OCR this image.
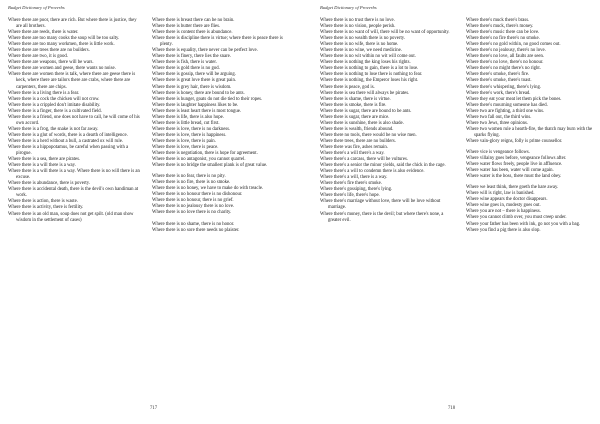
Budget Dictionary of Proverbs

Where there are poor, there are rich. But where there is justice, they are all brothers.

Where there are reeds, there is water.

Where there are too many cooks the soup will be too salty.

Where there are too many workmen, there is little work.

Where there are trees there are no builders.

Where there are two, it is good.

Where there are weapons, there will be wars.

Where there are women and geese, there wants no noise.

Where there are women there is talk, where there are geese there is keck, where there are tailors there are crabs, where there are carpenters, there are chips.

Where there is a living there is a fear.

Where there is a cock the chicken will not crow.

Where there is a crippled don't imitate disability.

Where there is a finger, there is a cultivated field.

Where there is a friend, one does not have to call, he will come of his own accord.

Where there is a frog, the snake is not far away.

Where there is a glut of words, there is a dearth of intelligence.

Where there is a herd without a bull, a castrated ox will rule.

Where there is a hippopotamus, be careful when passing with a pirogue.

Where there is a sea, there are pirates.

Where there is a will there is a way.

Where there is a will there is a way. Where there is no will there is an excuse.

Where there is abundance, there is poverty.

Where there is accidental death, there is the devil's own handiman at work.

Where there is action, there is waste.

Where there is activity, there is fertility.

Where there is an old man, soup does not get spilt. (old man show wisdom in the settlement of cases)

Where there is breast there can be no brain.

Where there is butter there are flies.

Where there is content there is abundance.

Where there is discipline there is virtue; where there is peace there is plenty.

Where there is equality, there never can be perfect love.

Where there is finery, there lies the snare.

Where there is fish, there is water.

Where there is gold there is no god.

Where there is gossip, there will be arguing.

Where there is great love there is great pain.

Where there is grey hair, there is wisdom.

Where there is honey, there are bound to be ants.

Where there is hunger, goats do not die tied to their ropes.

Where there is laughter happiness likes to be.

Where there is least heart there is most tongue.

Where there is life, there is also hope.

Where there is little bread, cut first.

Where there is love, there is no darkness.

Where there is love, there is happiness.

Where there is love, there is pain.

Where there is love, there is peace.

Where there is negotiation, there is hope for agreement.

Where there is no antagonist, you cannot quarrel.

Where there is no bridge the smallest plank is of great value.

Where there is no fear, there is no pity.

Where there is no fire, there is no smoke.

Where there is no honey, we have to make do with treacle.

Where there is no honour there is no dishonour.

Where there is no honour, there is no grief.

Where there is no jealousy there is no love.

Where there is no love there is no charity.

Where there is no shame, there is no honor.

Where there is no sore there needs no plaister.

717
Budget Dictionary of Proverbs

Where there is no trust there is no love.

Where there is no vision, people perish.

Where there is no want of will, there will be no want of opportunity.

Where there is no wealth there is no poverty.

Where there is no wife, there is no home.

Where there is no wine, we need medicine.

Where there is no wit within no wit will come out.

Where there is nothing the king loses his rights.

Where there is nothing to gain, there is a lot to lose.

Where there is nothing to lose there is nothing to fear.

Where there is nothing, the Emperor loses his right.

Where there is peace, god is.

Where there is sea there will always be pirates.

Where there is shame, there is virtue.

Where there is smoke, there is fire.

Where there is sugar, there are bound to be ants.

Where there is sugar, there are mice.

Where there is sunshine, there is also shade.

Where there is wealth, friends abound.

Where there no tools, there would be no wise men.

Where there trees, there are no builders.

Where there was fire, ashes remain.

Where there's a will there's a way.

Where there's a carcass, there will be vultures.

Where there's a senior the minor yields, said the chick in the cage.

Where there's a will to condemn there is also evidence.

Where there's a will, there is a way.

Where there's fire there's smoke.

Where there's gossiping, there's lying.

Where there's life, there's hope.

Where there's marriage without love, there will be love without marriage.

Where there's money, there is the devil; but where there's none, a greater evil.

Where there's muck there's brass.

Where there's muck, there's money.

Where there's music there can be love.

Where there's no fire there's no smoke.

Where there's no gold within, no good comes out.

Where there's no jealousy, there's no love.

Where there's no love, all faults are seen.

Where there's no love, there's no honour.

Where there's no might there's no right.

Where there's smoke, there's fire.

Where there's smoke, there's toast.

Where there's whispering, there's lying.

Where there's work, there's bread.

Where they eat your meat let them pick the bones.

Where there's mourning someone has died.

Where two are fighting, a third one wins.

Where two fall out, the third wins.

Where two Jews, three opinions.

Where two women rule a hearth-fire, the thatch may burn with the sparks flying.

Where vain-glory reigns, folly is prime counsellor.

Where vice is vengeance follows.

Where villainy goes before, vengeance follows after.

Where water flows freely, people live in affluence.

Where water has been, water will come again.

Where water is the boss, there must the land obey.

Where we least think, there goeth the hare away.

Where will is right, law is banished.

Where wine appears the doctor disappears.

Where wine goes in, modesty goes out.

Where you are not – there is happiness.

Where you cannot climb over, you must creep under.

Where your father has been with ink, go not you with a bag.

Where you find a pig there is also slop.

718
